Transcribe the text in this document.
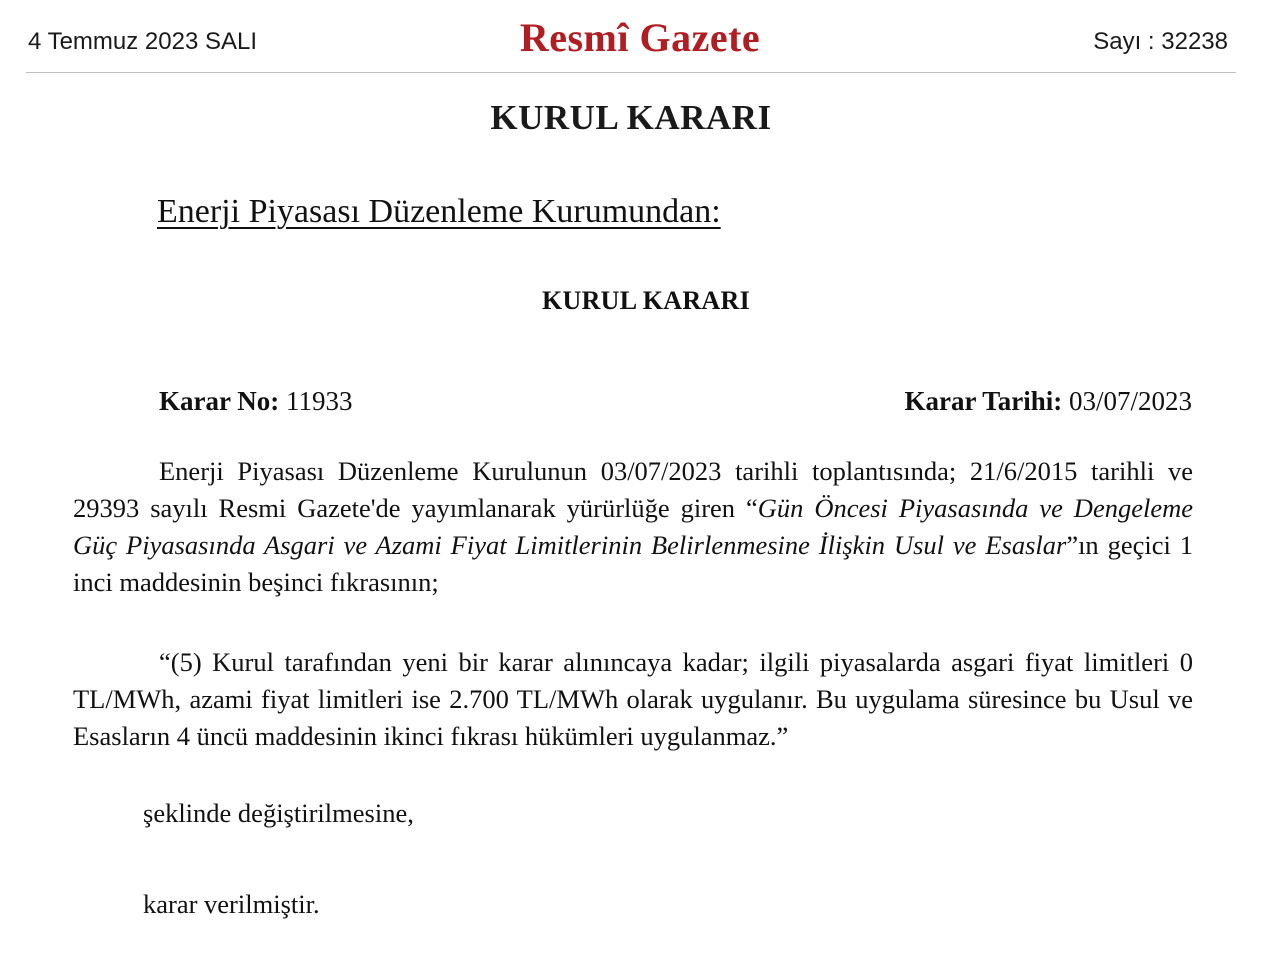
4 Temmuz 2023 SALI	Resmî Gazete	Sayı : 32238
KURUL KARARI
Enerji Piyasası Düzenleme Kurumundan:
KURUL KARARI
Karar No: 11933	Karar Tarihi: 03/07/2023
Enerji Piyasası Düzenleme Kurulunun 03/07/2023 tarihli toplantısında; 21/6/2015 tarihli ve 29393 sayılı Resmi Gazete'de yayımlanarak yürürlüğe giren “Gün Öncesi Piyasasında ve Dengeleme Güç Piyasasında Asgari ve Azami Fiyat Limitlerinin Belirlenmesine İlişkin Usul ve Esaslar”ın geçici 1 inci maddesinin beşinci fıkrasının;
“(5) Kurul tarafından yeni bir karar alınıncaya kadar; ilgili piyasalarda asgari fiyat limitleri 0 TL/MWh, azami fiyat limitleri ise 2.700 TL/MWh olarak uygulanır. Bu uygulama süresince bu Usul ve Esasların 4 üncü maddesinin ikinci fıkrası hükümleri uygulanmaz.”
şeklinde değiştirilmesine,
karar verilmiştir.
